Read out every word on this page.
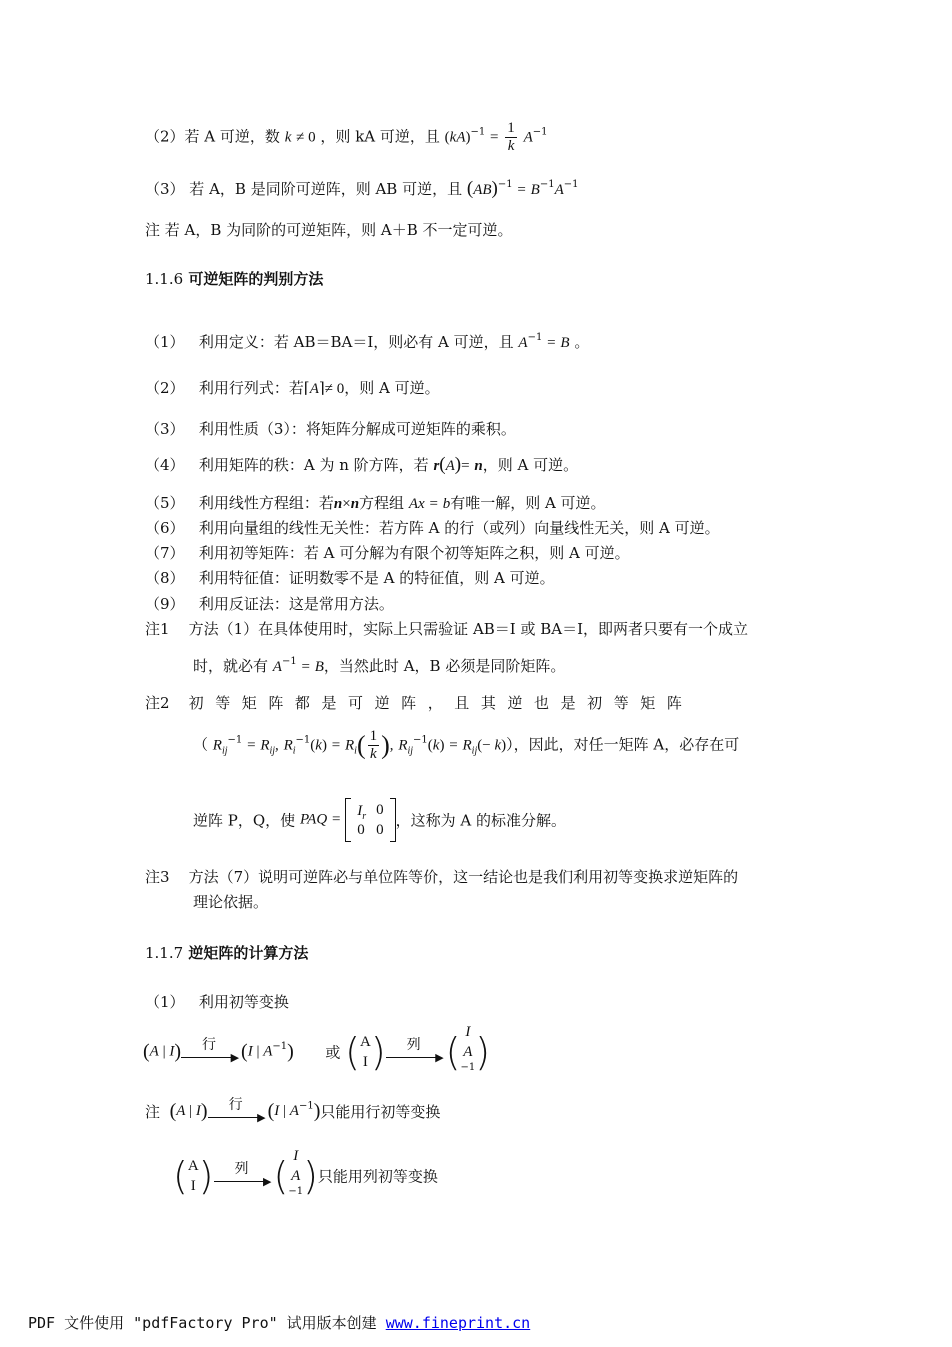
（2）若 A 可逆，数 k ≠ 0 ，则 kA 可逆，且 $(kA)^{-1} = \frac{1}{k} A^{-1}$
（3） 若 A，B 是同阶可逆阵，则 AB 可逆，且 $(AB)^{-1} = B^{-1}A^{-1}$
注 若 A，B 为同阶的可逆矩阵，则 A＋B 不一定可逆。
1.1.6 可逆矩阵的判别方法
（1） 利用定义：若 AB＝BA＝I，则必有 A 可逆，且 $A^{-1} = B$ 。
（2） 利用行列式：若⌈A⌉≠ 0，则 A 可逆。
（3） 利用性质（3）：将矩阵分解成可逆矩阵的乘积。
（4） 利用矩阵的秩：A 为 n 阶方阵，若 r(A)= n，则 A 可逆。
（5） 利用线性方程组：若n×n方程组 Ax = b有唯一解，则 A 可逆。
（6） 利用向量组的线性无关性：若方阵 A 的行（或列）向量线性无关，则 A 可逆。
（7） 利用初等矩阵：若 A 可分解为有限个初等矩阵之积，则 A 可逆。
（8） 利用特征值：证明数零不是 A 的特征值，则 A 可逆。
（9） 利用反证法：这是常用方法。
注1 方法（1）在具体使用时，实际上只需验证 AB＝I 或 BA＝I，即两者只要有一个成立
时，就必有 $A^{-1} = B$，当然此时 A，B 必须是同阶矩阵。
注2 初 等 矩 阵 都 是 可 逆 阵 ， 且 其 逆 也 是 初 等 矩 阵
（ $R_{ij}^{-1} = R_{ij}$, $R_i^{-1}(k) = R_i( \frac{1}{k}$ ), $R_{ij}^{-1}(k) = R_{ij}(- k)$），因此，对任一矩阵 A，必存在可
逆阵 P，Q，使 PAQ =
$I_r$	0
0	0
，这称为 A 的标准分解。
注3 方法（7）说明可逆阵必与单位阵等价，这一结论也是我们利用初等变换求逆矩阵的
理论依据。
1.1.7 逆矩阵的计算方法
（1） 利用初等变换
(A | I)	行
▶ (I | $A^{-1}$) 或 ( A
I )	列
▶ ( I
A
$^{-1}$ )
注 (A | I)	行
▶ (I | $A^{-1}$)只能用行初等变换
( A
I )	列
▶ ( I
A
$^{-1}$ )只能用列初等变换
PDF 文件使用 "pdfFactory Pro" 试用版本创建 www.fineprint.cn
